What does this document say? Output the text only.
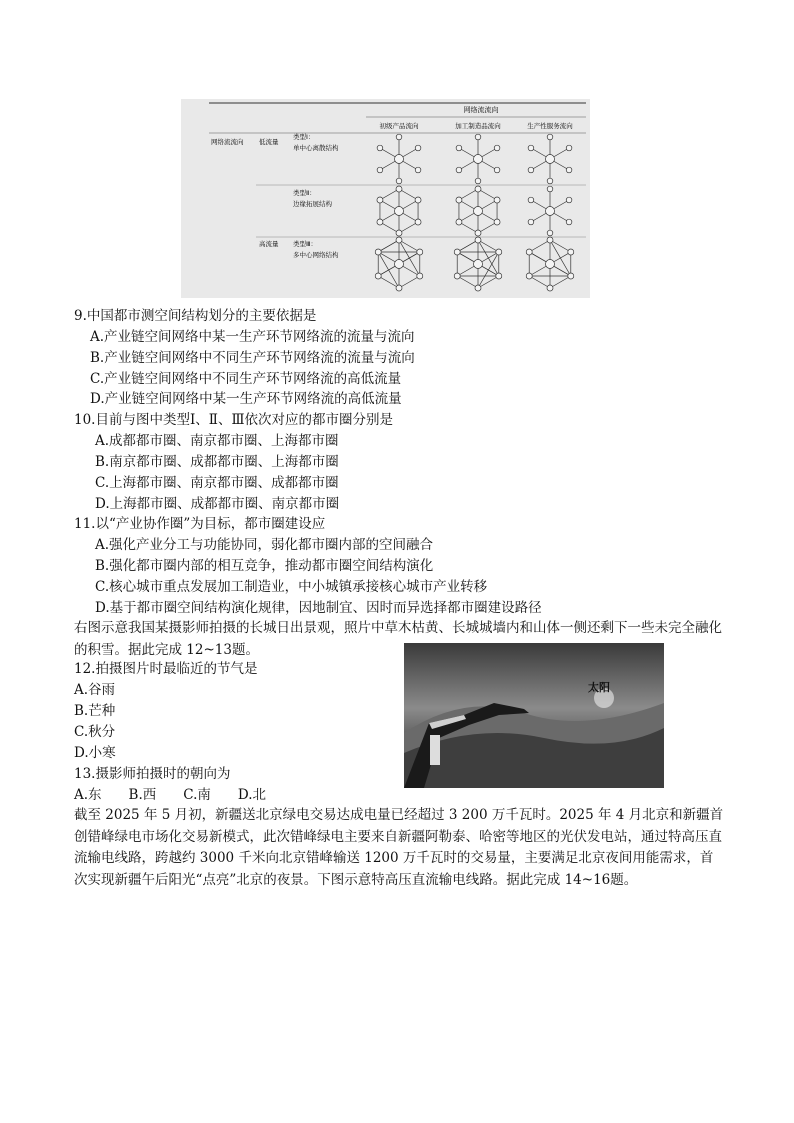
网络流流向
初级产品流向	加工制造品流向	生产性服务流向
网络流流向 低流量
类型Ⅰ：
单中心离散结构
类型Ⅱ：
边缘拓展结构
高流量 类型Ⅲ：
多中心网络结构
9.中国都市测空间结构划分的主要依据是
A.产业链空间网络中某一生产环节网络流的流量与流向
B.产业链空间网络中不同生产环节网络流的流量与流向
C.产业链空间网络中不同生产环节网络流的高低流量
D.产业链空间网络中某一生产环节网络流的高低流量
10.目前与图中类型Ⅰ、Ⅱ、Ⅲ依次对应的都市圈分别是
A.成都都市圈、南京都市圈、上海都市圈
B.南京都市圈、成都都市圈、上海都市圈
C.上海都市圈、南京都市圈、成都都市圈
D.上海都市圈、成都都市圈、南京都市圈
11.以“产业协作圈”为目标，都市圈建设应
A.强化产业分工与功能协同，弱化都市圈内部的空间融合
B.强化都市圈内部的相互竞争，推动都市圈空间结构演化
C.核心城市重点发展加工制造业，中小城镇承接核心城市产业转移
D.基于都市圈空间结构演化规律，因地制宜、因时而异选择都市圈建设路径
右图示意我国某摄影师拍摄的长城日出景观，照片中草木枯黄、长城城墙内和山体一侧还剩下一些未完全融化的积雪。据此完成 12~13题。
太阳
12.拍摄图片时最临近的节气是
A.谷雨
B.芒种
C.秋分
D.小寒
13.摄影师拍摄时的朝向为
A.东　　B.西　　C.南　　D.北
截至 2025 年 5 月初，新疆送北京绿电交易达成电量已经超过 3 200 万千瓦时。2025 年 4 月北京和新疆首创错峰绿电市场化交易新模式，此次错峰绿电主要来自新疆阿勒泰、哈密等地区的光伏发电站，通过特高压直流输电线路，跨越约 3000 千米向北京错峰输送 1200 万千瓦时的交易量，主要满足北京夜间用能需求，首次实现新疆午后阳光“点亮”北京的夜景。下图示意特高压直流输电线路。据此完成 14~16题。
